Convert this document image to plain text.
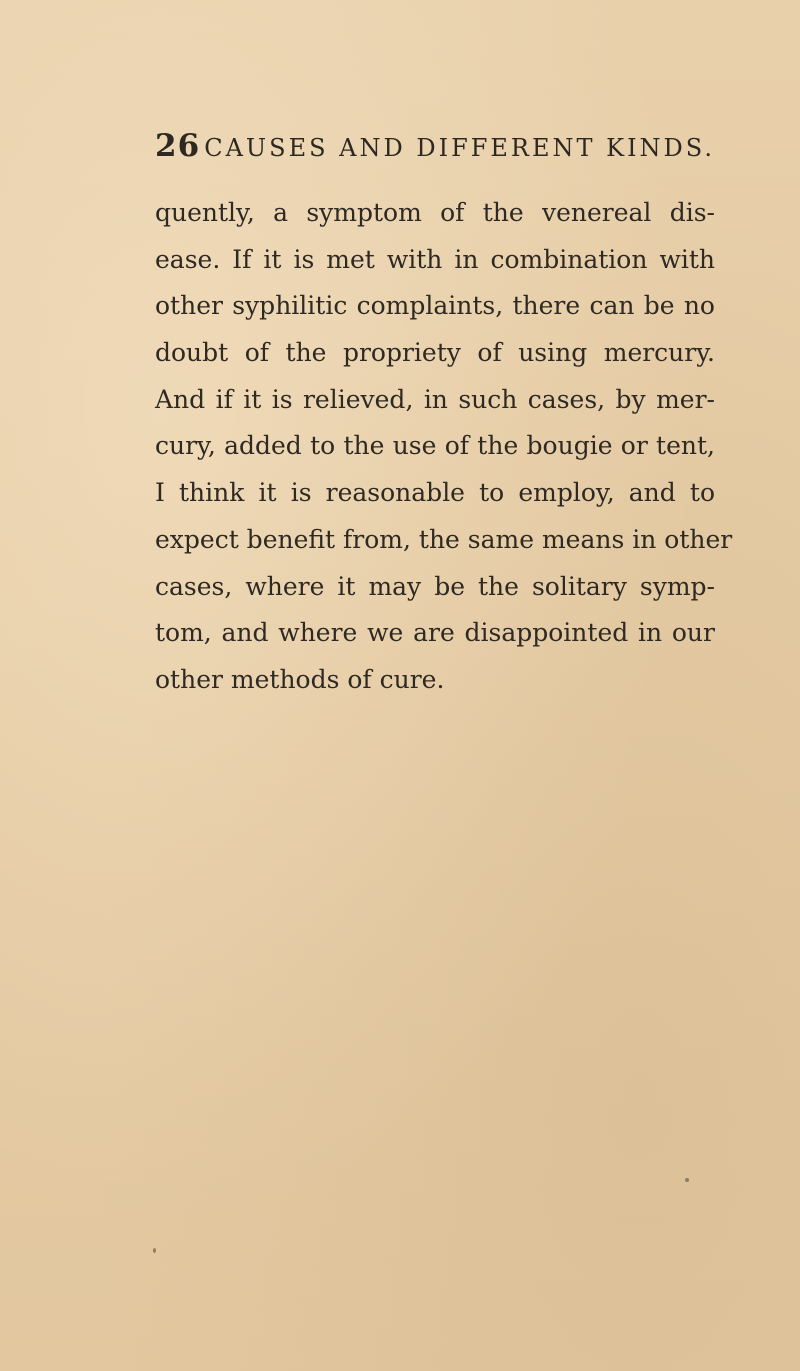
26 CAUSES AND DIFFERENT KINDS.
quently, a symptom of the venereal dis-
ease. If it is met with in combination with
other syphilitic complaints, there can be no
doubt of the propriety of using mercury.
And if it is relieved, in such cases, by mer-
cury, added to the use of the bougie or tent,
I think it is reasonable to employ, and to
expect benefit from, the same means in other
cases, where it may be the solitary symp-
tom, and where we are disappointed in our
other methods of cure.
